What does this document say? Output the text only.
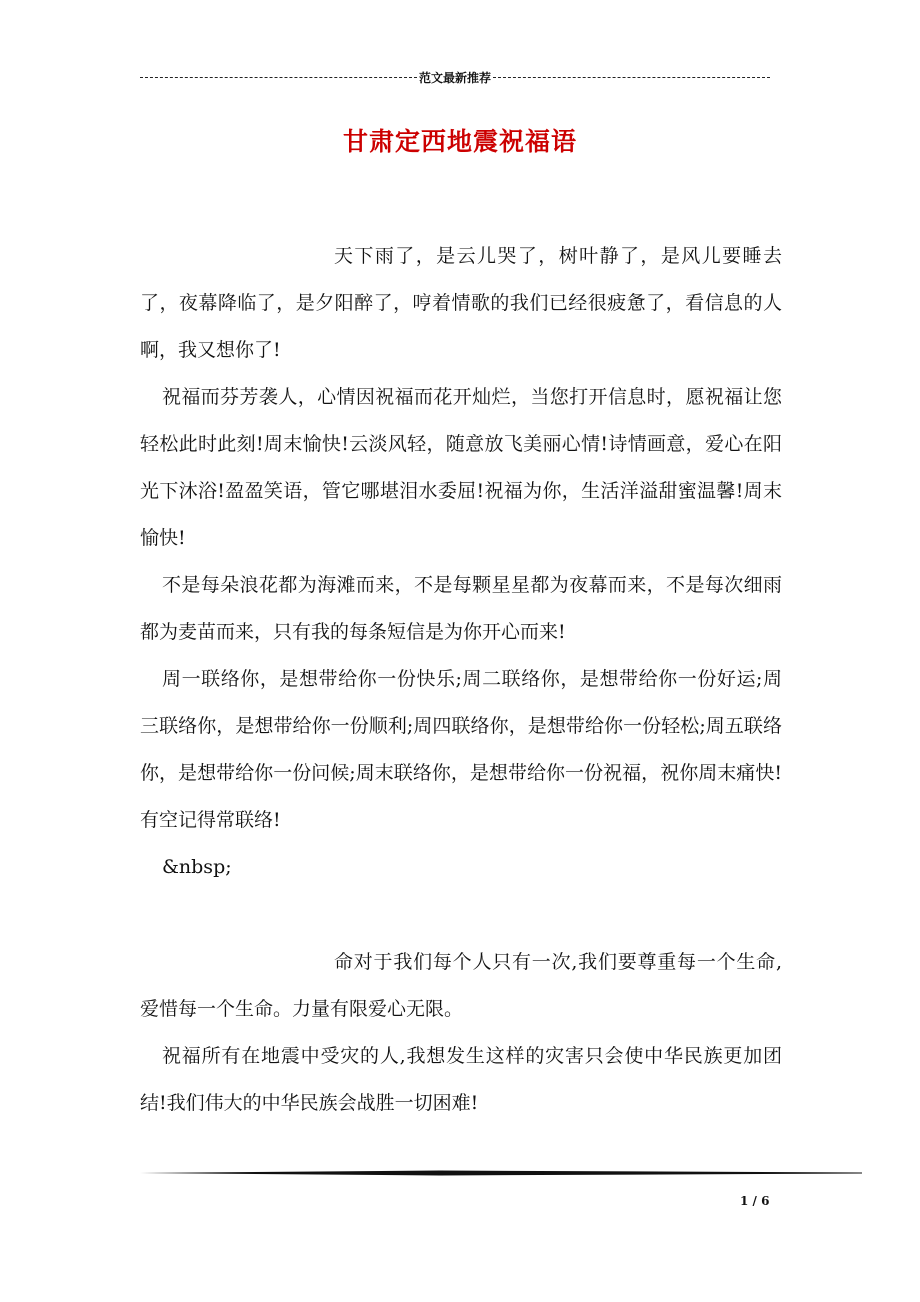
范文最新推荐
甘肃定西地震祝福语

天下雨了，是云儿哭了，树叶静了，是风儿要睡去了，夜幕降临了，是夕阳醉了，哼着情歌的我们已经很疲惫了，看信息的人啊，我又想你了!

祝福而芬芳袭人，心情因祝福而花开灿烂，当您打开信息时，愿祝福让您轻松此时此刻!周末愉快!云淡风轻，随意放飞美丽心情!诗情画意，爱心在阳光下沐浴!盈盈笑语，管它哪堪泪水委屈!祝福为你，生活洋溢甜蜜温馨!周末愉快!

不是每朵浪花都为海滩而来，不是每颗星星都为夜幕而来，不是每次细雨都为麦苗而来，只有我的每条短信是为你开心而来!

周一联络你，是想带给你一份快乐;周二联络你，是想带给你一份好运;周三联络你，是想带给你一份顺利;周四联络你，是想带给你一份轻松;周五联络你，是想带给你一份问候;周末联络你，是想带给你一份祝福，祝你周末痛快!有空记得常联络!

&nbsp;

命对于我们每个人只有一次,我们要尊重每一个生命,爱惜每一个生命。力量有限爱心无限。

祝福所有在地震中受灾的人,我想发生这样的灾害只会使中华民族更加团结!我们伟大的中华民族会战胜一切困难!

1 / 6
